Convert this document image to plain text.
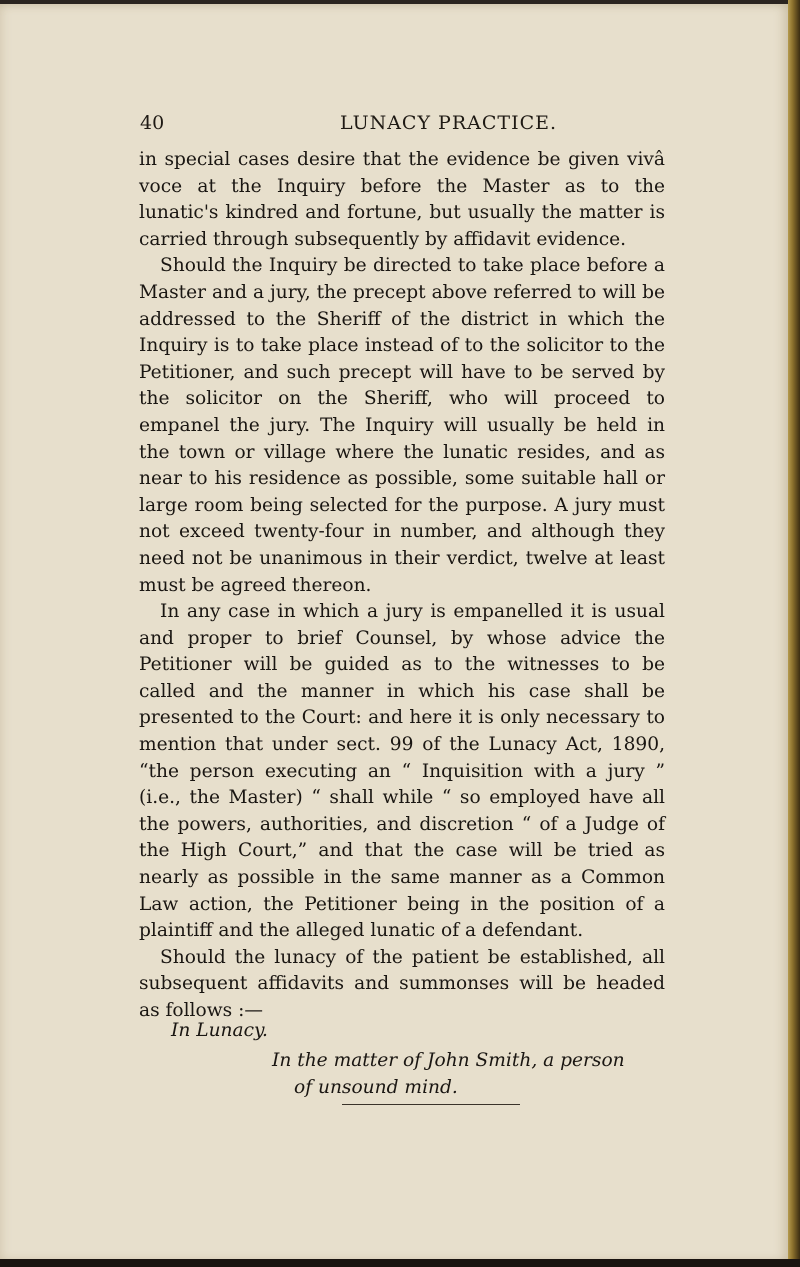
40	LUNACY PRACTICE.

in special cases desire that the evidence be given vivâ voce at the Inquiry before the Master as to the lunatic's kindred and fortune, but usually the matter is carried through subsequently by affidavit evidence.

Should the Inquiry be directed to take place before a Master and a jury, the precept above referred to will be addressed to the Sheriff of the district in which the Inquiry is to take place instead of to the solicitor to the Petitioner, and such precept will have to be served by the solicitor on the Sheriff, who will proceed to empanel the jury. The Inquiry will usually be held in the town or village where the lunatic resides, and as near to his residence as possible, some suitable hall or large room being selected for the purpose. A jury must not exceed twenty-four in number, and although they need not be unanimous in their verdict, twelve at least must be agreed thereon.

In any case in which a jury is empanelled it is usual and proper to brief Counsel, by whose advice the Petitioner will be guided as to the witnesses to be called and the manner in which his case shall be presented to the Court: and here it is only necessary to mention that under sect. 99 of the Lunacy Act, 1890, “the person executing an “ Inquisition with a jury ” (i.e., the Master) “ shall while “ so employed have all the powers, authorities, and discretion “ of a Judge of the High Court,” and that the case will be tried as nearly as possible in the same manner as a Common Law action, the Petitioner being in the position of a plaintiff and the alleged lunatic of a defendant.

Should the lunacy of the patient be established, all subsequent affidavits and summonses will be headed as follows :—

In Lunacy.
In the matter of John Smith, a person
of unsound mind.
